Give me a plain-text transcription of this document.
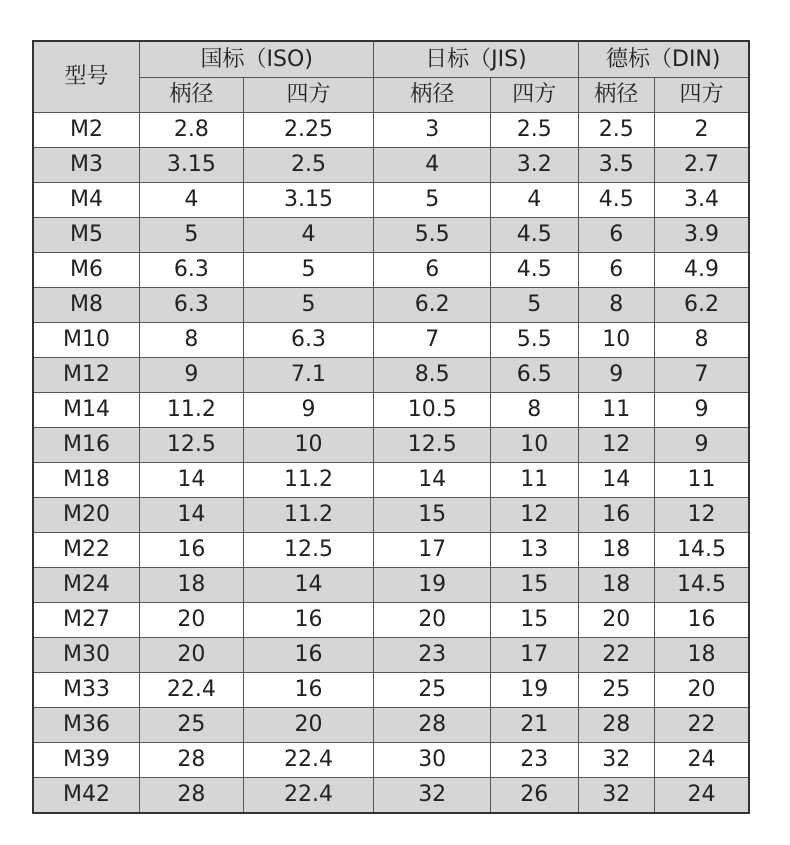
型号	国标（ISO)		日标（JIS)		德标（DIN)	
	柄径	四方	柄径	四方	柄径	四方
M2	2.8	2.25	3	2.5	2.5	2
M3	3.15	2.5	4	3.2	3.5	2.7
M4	4	3.15	5	4	4.5	3.4
M5	5	4	5.5	4.5	6	3.9
M6	6.3	5	6	4.5	6	4.9
M8	6.3	5	6.2	5	8	6.2
M10	8	6.3	7	5.5	10	8
M12	9	7.1	8.5	6.5	9	7
M14	11.2	9	10.5	8	11	9
M16	12.5	10	12.5	10	12	9
M18	14	11.2	14	11	14	11
M20	14	11.2	15	12	16	12
M22	16	12.5	17	13	18	14.5
M24	18	14	19	15	18	14.5
M27	20	16	20	15	20	16
M30	20	16	23	17	22	18
M33	22.4	16	25	19	25	20
M36	25	20	28	21	28	22
M39	28	22.4	30	23	32	24
M42	28	22.4	32	26	32	24
